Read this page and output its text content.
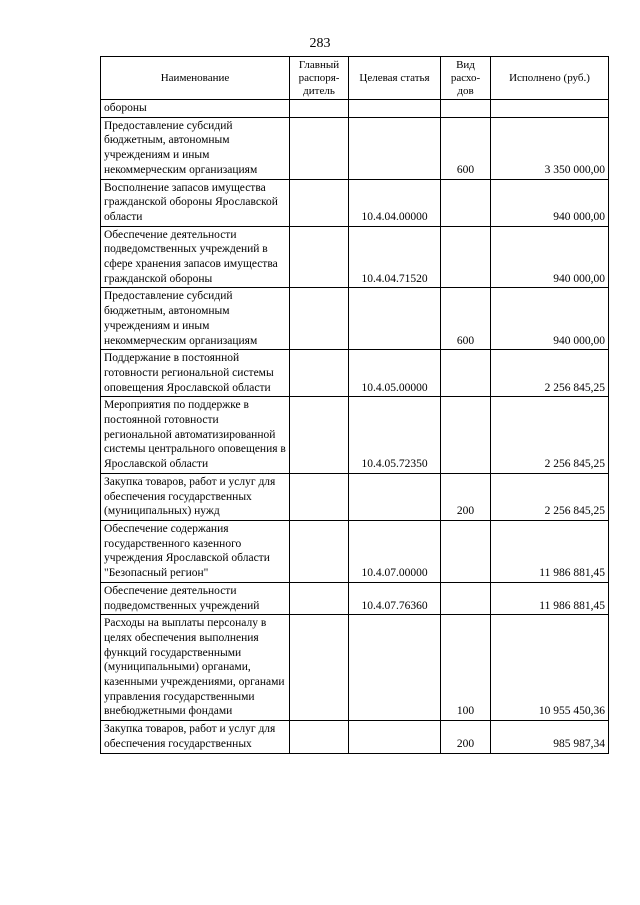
283
Наименование	Главный распоря-дитель	Целевая статья	Вид расхо-дов	Исполнено (руб.)
обороны				
Предоставление субсидий бюджетным, автономным учреждениям и иным некоммерческим организациям			600	3 350 000,00
Восполнение запасов имущества гражданской обороны Ярославской области		10.4.04.00000		940 000,00
Обеспечение деятельности подведомственных учреждений в сфере хранения запасов имущества гражданской обороны		10.4.04.71520		940 000,00
Предоставление субсидий бюджетным, автономным учреждениям и иным некоммерческим организациям			600	940 000,00
Поддержание в постоянной готовности региональной системы оповещения Ярославской области		10.4.05.00000		2 256 845,25
Мероприятия по поддержке в постоянной готовности региональной автоматизированной системы центрального оповещения в Ярославской области		10.4.05.72350		2 256 845,25
Закупка товаров, работ и услуг для обеспечения государственных (муниципальных) нужд			200	2 256 845,25
Обеспечение содержания государственного казенного учреждения Ярославской области "Безопасный регион"		10.4.07.00000		11 986 881,45
Обеспечение деятельности подведомственных учреждений		10.4.07.76360		11 986 881,45
Расходы на выплаты персоналу в целях обеспечения выполнения функций государственными (муниципальными) органами, казенными учреждениями, органами управления государственными внебюджетными фондами			100	10 955 450,36
Закупка товаров, работ и услуг для обеспечения государственных			200	985 987,34
